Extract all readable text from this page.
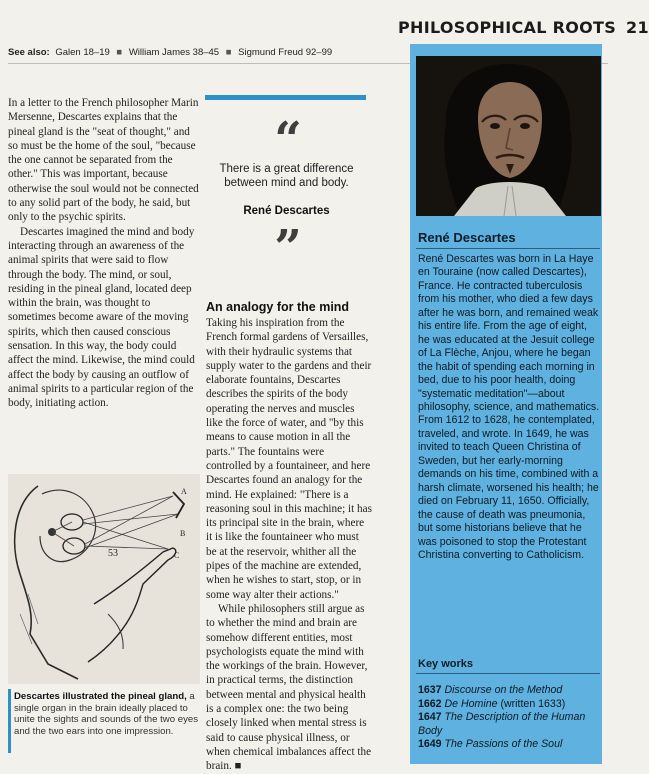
PHILOSOPHICAL ROOTS 21
See also: Galen 18–19 ■ William James 38–45 ■ Sigmund Freud 92–99

In a letter to the French philosopher Marin Mersenne, Descartes explains that the pineal gland is the "seat of thought," and so must be the home of the soul, "because the one cannot be separated from the other." This was important, because otherwise the soul would not be connected to any solid part of the body, he said, but only to the psychic spirits.

Descartes imagined the mind and body interacting through an awareness of the animal spirits that were said to flow through the body. The mind, or soul, residing in the pineal gland, located deep within the brain, was thought to sometimes become aware of the moving spirits, which then caused conscious sensation. In this way, the body could affect the mind. Likewise, the mind could affect the body by causing an outflow of animal spirits to a particular region of the body, initiating action.

A
B
C
53
Descartes illustrated the pineal gland, a single organ in the brain ideally placed to unite the sights and sounds of the two eyes and the two ears into one impression.
“
There is a great difference between mind and body.
René Descartes
”
An analogy for the mind

Taking his inspiration from the French formal gardens of Versailles, with their hydraulic systems that supply water to the gardens and their elaborate fountains, Descartes describes the spirits of the body operating the nerves and muscles like the force of water, and "by this means to cause motion in all the parts." The fountains were controlled by a fountaineer, and here Descartes found an analogy for the mind. He explained: "There is a reasoning soul in this machine; it has its principal site in the brain, where it is like the fountaineer who must be at the reservoir, whither all the pipes of the machine are extended, when he wishes to start, stop, or in some way alter their actions."

While philosophers still argue as to whether the mind and brain are somehow different entities, most psychologists equate the mind with the workings of the brain. However, in practical terms, the distinction between mental and physical health is a complex one: the two being closely linked when mental stress is said to cause physical illness, or when chemical imbalances affect the brain. ■

René Descartes
René Descartes was born in La Haye en Touraine (now called Descartes), France. He contracted tuberculosis from his mother, who died a few days after he was born, and remained weak his entire life. From the age of eight, he was educated at the Jesuit college of La Flèche, Anjou, where he began the habit of spending each morning in bed, due to his poor health, doing "systematic meditation"—about philosophy, science, and mathematics. From 1612 to 1628, he contemplated, traveled, and wrote. In 1649, he was invited to teach Queen Christina of Sweden, but her early-morning demands on his time, combined with a harsh climate, worsened his health; he died on February 11, 1650. Officially, the cause of death was pneumonia, but some historians believe that he was poisoned to stop the Protestant Christina converting to Catholicism.
Key works
1637 Discourse on the Method
1662 De Homine (written 1633)
1647 The Description of the Human Body
1649 The Passions of the Soul
